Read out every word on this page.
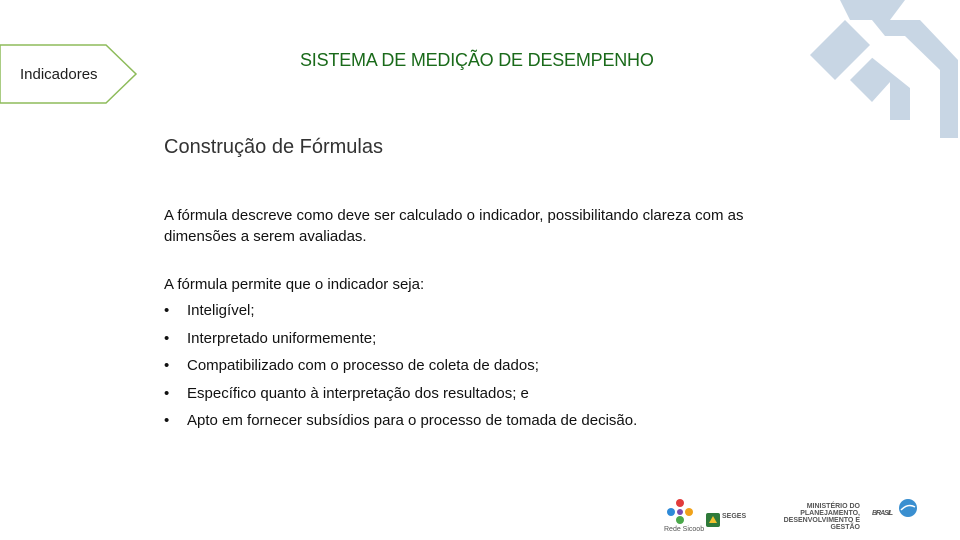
Indicadores
SISTEMA DE MEDIÇÃO DE DESEMPENHO
Construção de Fórmulas
A fórmula descreve como deve ser calculado o indicador, possibilitando clareza com as dimensões a serem avaliadas.
A fórmula permite que o indicador seja:
•	Inteligível;
•	Interpretado uniformemente;
•	Compatibilizado com o processo de coleta de dados;
•	Específico quanto à interpretação dos resultados; e
•	Apto em fornecer subsídios para o processo de tomada de decisão.
Rede Sicoob
SEGES
MINISTÉRIO DO
PLANEJAMENTO,
DESENVOLVIMENTO E GESTÃO
BRASIL
